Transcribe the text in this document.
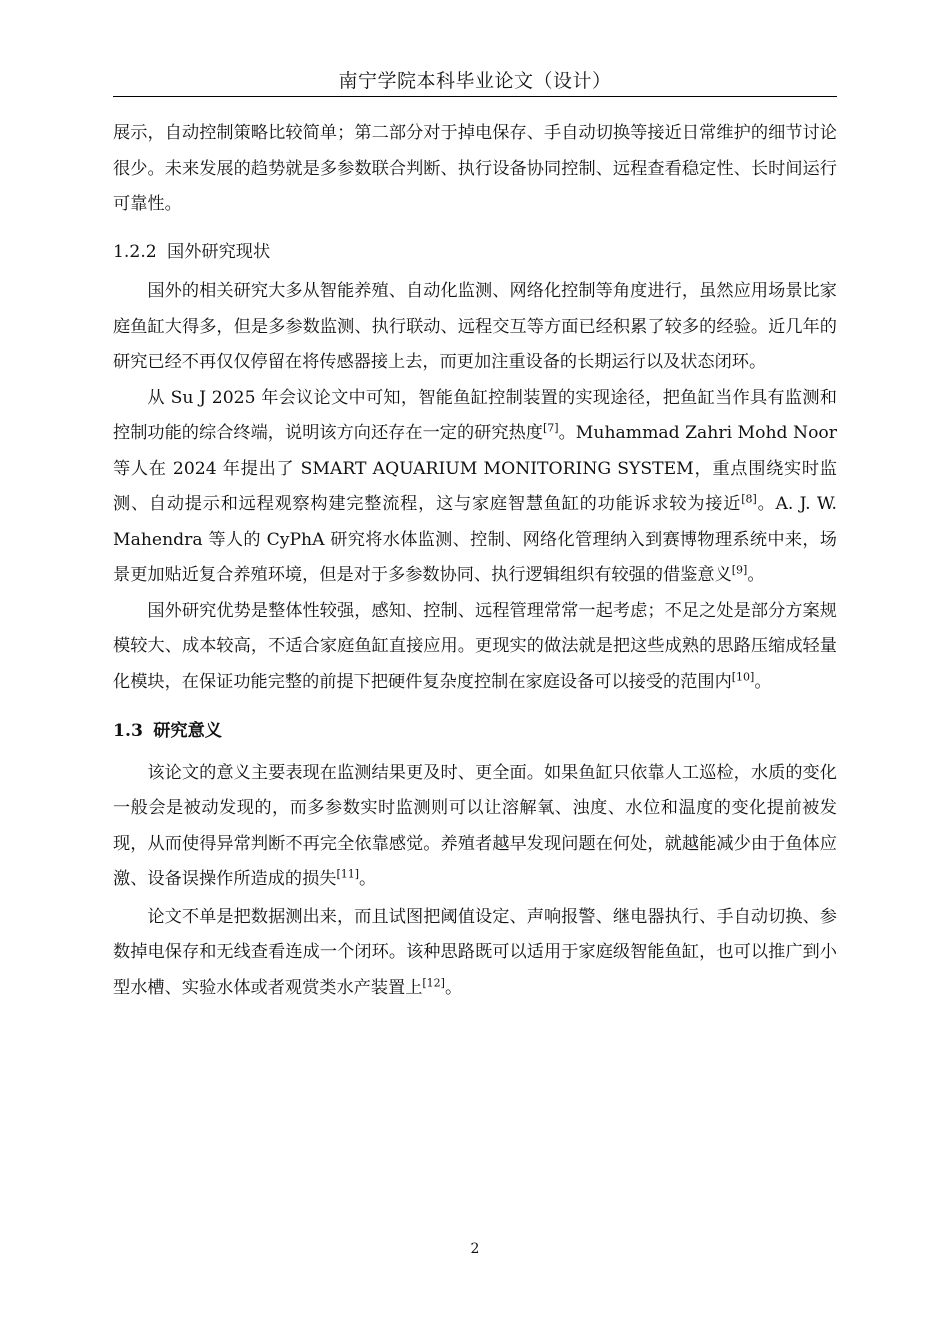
南宁学院本科毕业论文（设计）

展示，自动控制策略比较简单；第二部分对于掉电保存、手自动切换等接近日常维护的细节讨论很少。未来发展的趋势就是多参数联合判断、执行设备协同控制、远程查看稳定性、长时间运行可靠性。

1.2.2 国外研究现状

国外的相关研究大多从智能养殖、自动化监测、网络化控制等角度进行，虽然应用场景比家庭鱼缸大得多，但是多参数监测、执行联动、远程交互等方面已经积累了较多的经验。近几年的研究已经不再仅仅停留在将传感器接上去，而更加注重设备的长期运行以及状态闭环。

从 Su J 2025 年会议论文中可知，智能鱼缸控制装置的实现途径，把鱼缸当作具有监测和控制功能的综合终端，说明该方向还存在一定的研究热度[7]。Muhammad Zahri Mohd Noor 等人在 2024 年提出了 SMART AQUARIUM MONITORING SYSTEM，重点围绕实时监测、自动提示和远程观察构建完整流程，这与家庭智慧鱼缸的功能诉求较为接近[8]。A. J. W. Mahendra 等人的 CyPhA 研究将水体监测、控制、网络化管理纳入到赛博物理系统中来，场景更加贴近复合养殖环境，但是对于多参数协同、执行逻辑组织有较强的借鉴意义[9]。

国外研究优势是整体性较强，感知、控制、远程管理常常一起考虑；不足之处是部分方案规模较大、成本较高，不适合家庭鱼缸直接应用。更现实的做法就是把这些成熟的思路压缩成轻量化模块，在保证功能完整的前提下把硬件复杂度控制在家庭设备可以接受的范围内[10]。

1.3 研究意义

该论文的意义主要表现在监测结果更及时、更全面。如果鱼缸只依靠人工巡检，水质的变化一般会是被动发现的，而多参数实时监测则可以让溶解氧、浊度、水位和温度的变化提前被发现，从而使得异常判断不再完全依靠感觉。养殖者越早发现问题在何处，就越能减少由于鱼体应激、设备误操作所造成的损失[11]。

论文不单是把数据测出来，而且试图把阈值设定、声响报警、继电器执行、手自动切换、参数掉电保存和无线查看连成一个闭环。该种思路既可以适用于家庭级智能鱼缸，也可以推广到小型水槽、实验水体或者观赏类水产装置上[12]。

2
